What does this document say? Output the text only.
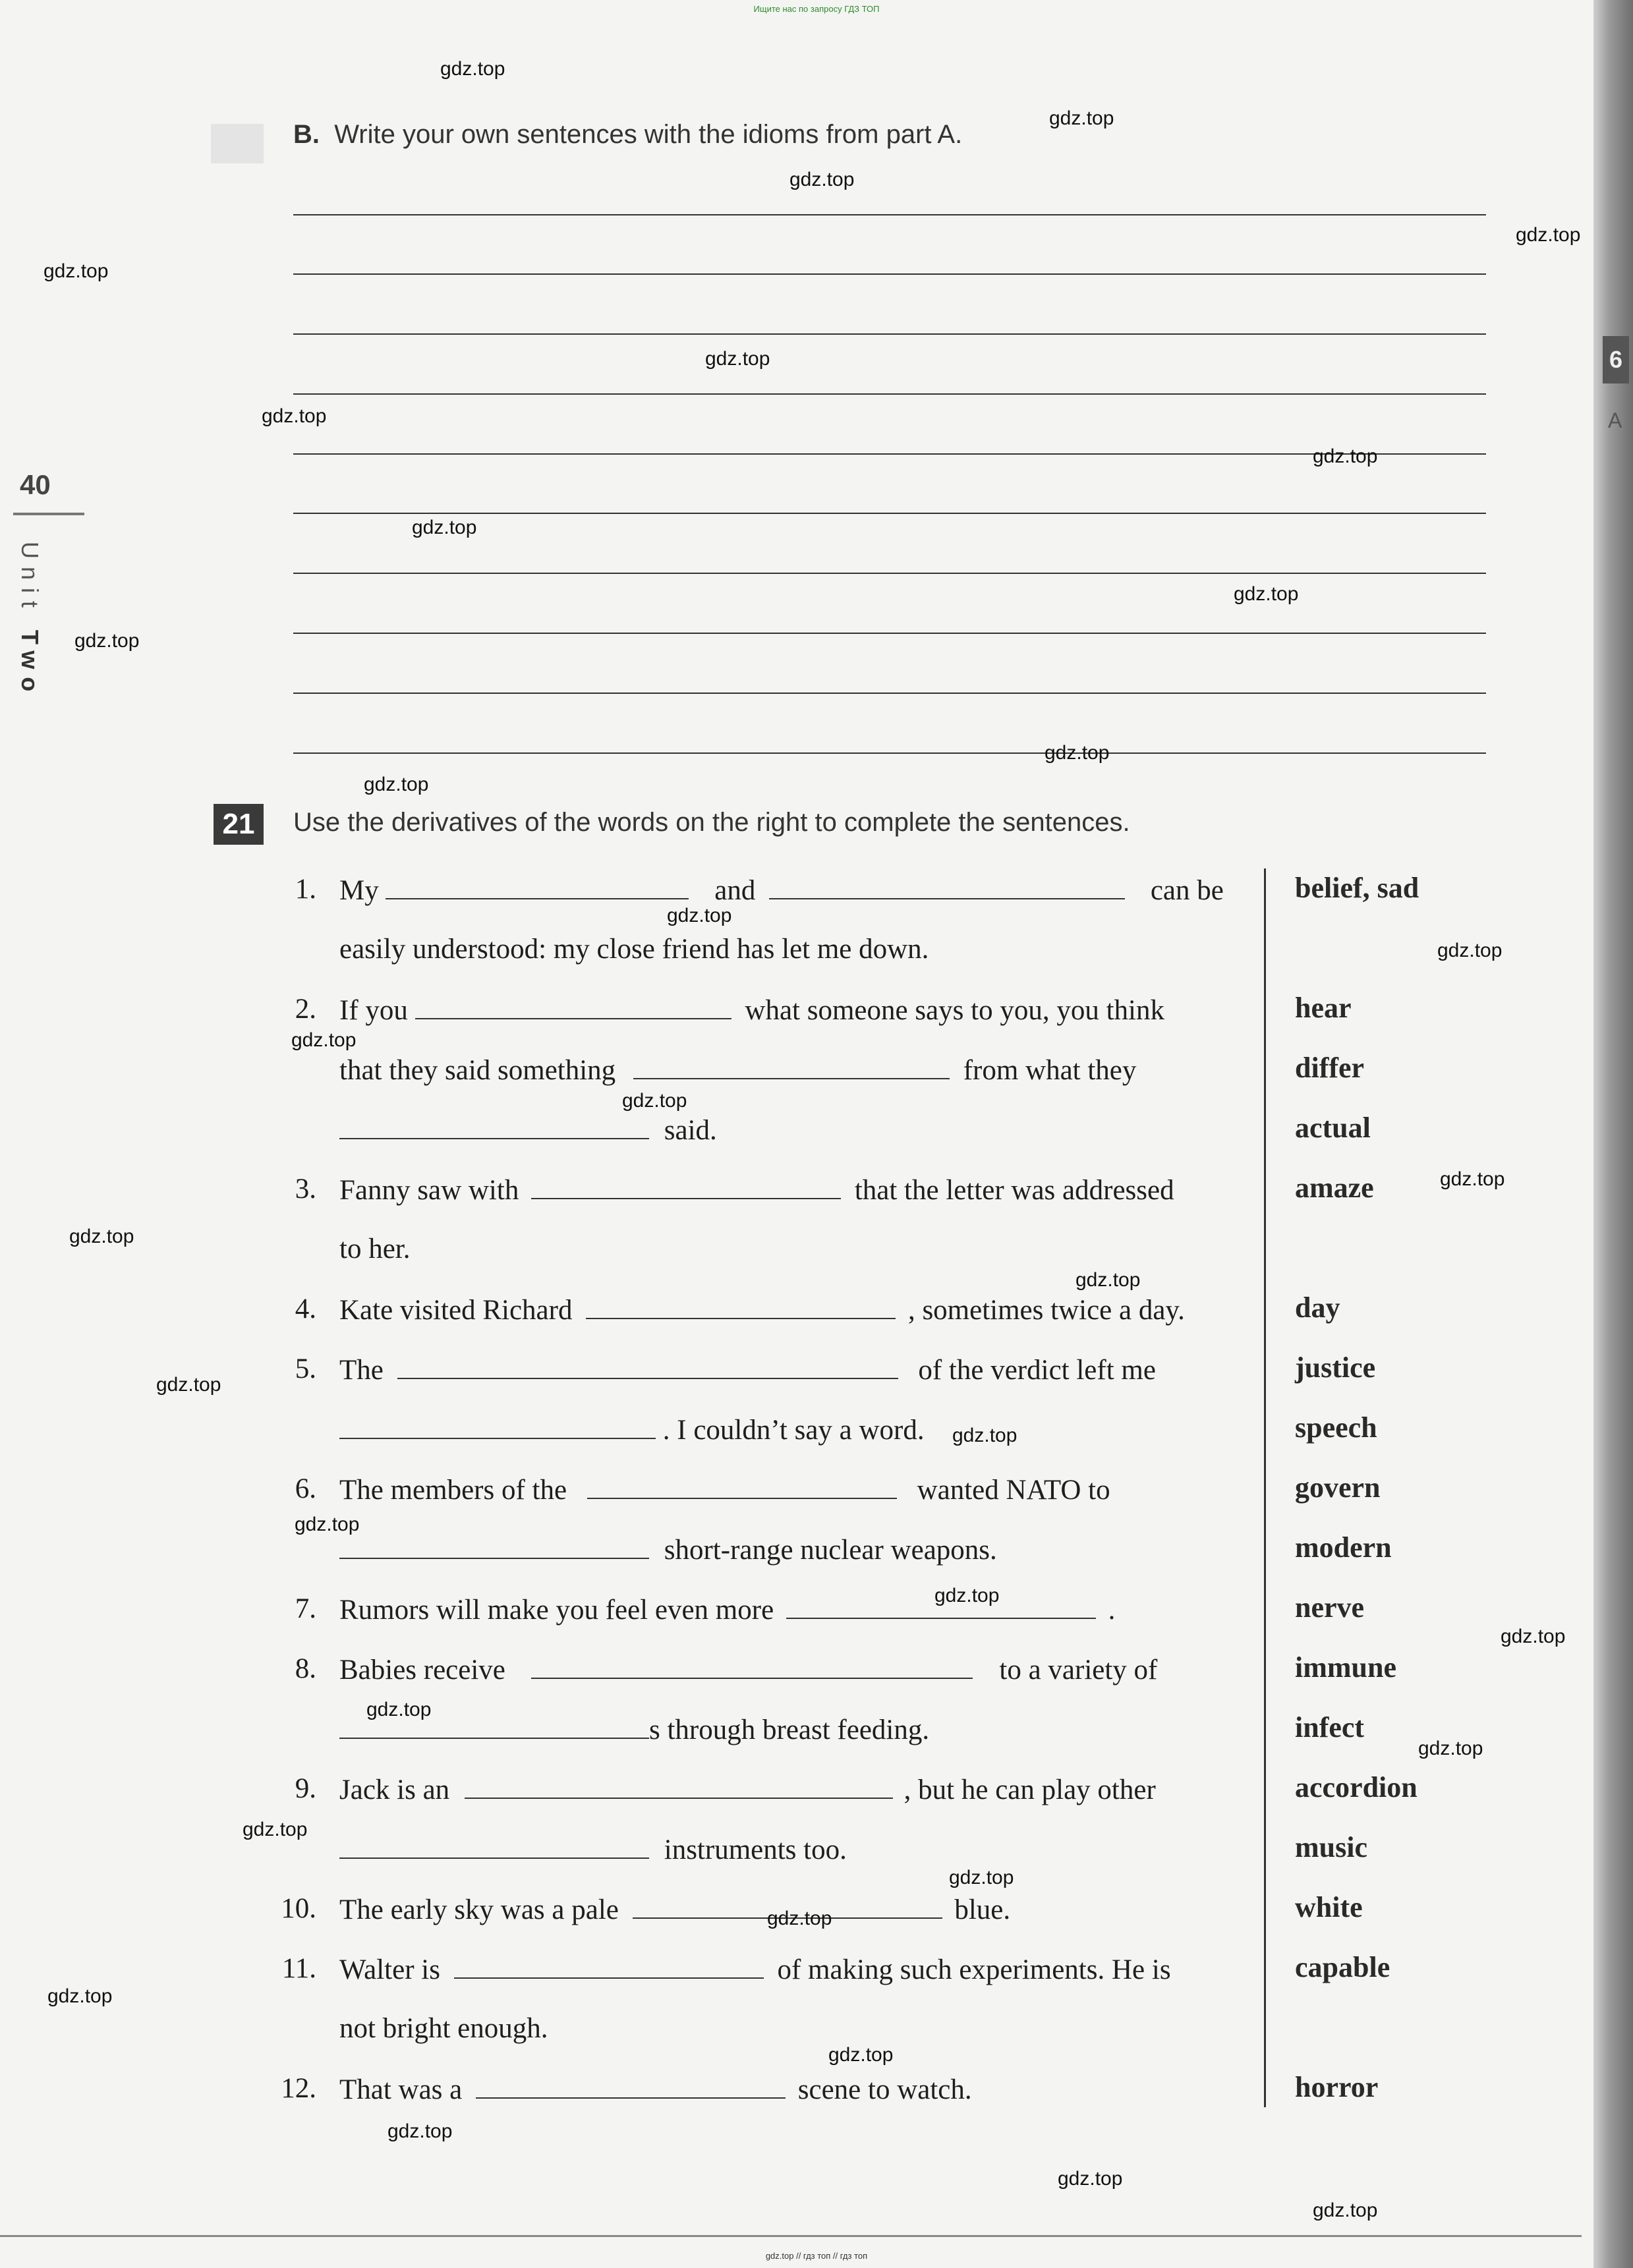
Ищите нас по запросу ГДЗ ТОП
gdz.top // гдз топ // гдз топ
6
A
40
Unit Two
B. Write your own sentences with the idioms from part A.
21	Use the derivatives of the words on the right to complete the sentences.
1. My	and	can be
easily understood: my close friend has let me down.
2. If you	what someone says to you, you think
that they said something	from what they
said.
3. Fanny saw with	that the letter was addressed
to her.
4. Kate visited Richard	, sometimes twice a day.
5. The	of the verdict left me
. I couldn’t say a word.
6. The members of the	wanted NATO to
short-range nuclear weapons.
7. Rumors will make you feel even more	.
8. Babies receive	to a variety of
s through breast feeding.
9. Jack is an	, but he can play other
instruments too.
10. The early sky was a pale	blue.
11. Walter is	of making such experiments. He is
not bright enough.
12. That was a	scene to watch.
belief, sad
hear
differ
actual
amaze
day
justice
speech
govern
modern
nerve
immune
infect
accordion
music
white
capable
horror
gdz.top
gdz.top
gdz.top
gdz.top
gdz.top
gdz.top
gdz.top
gdz.top
gdz.top
gdz.top
gdz.top
gdz.top
gdz.top
gdz.top
gdz.top
gdz.top
gdz.top
gdz.top
gdz.top
gdz.top
gdz.top
gdz.top
gdz.top
gdz.top
gdz.top
gdz.top
gdz.top
gdz.top
gdz.top
gdz.top
gdz.top
gdz.top
gdz.top
gdz.top
gdz.top
